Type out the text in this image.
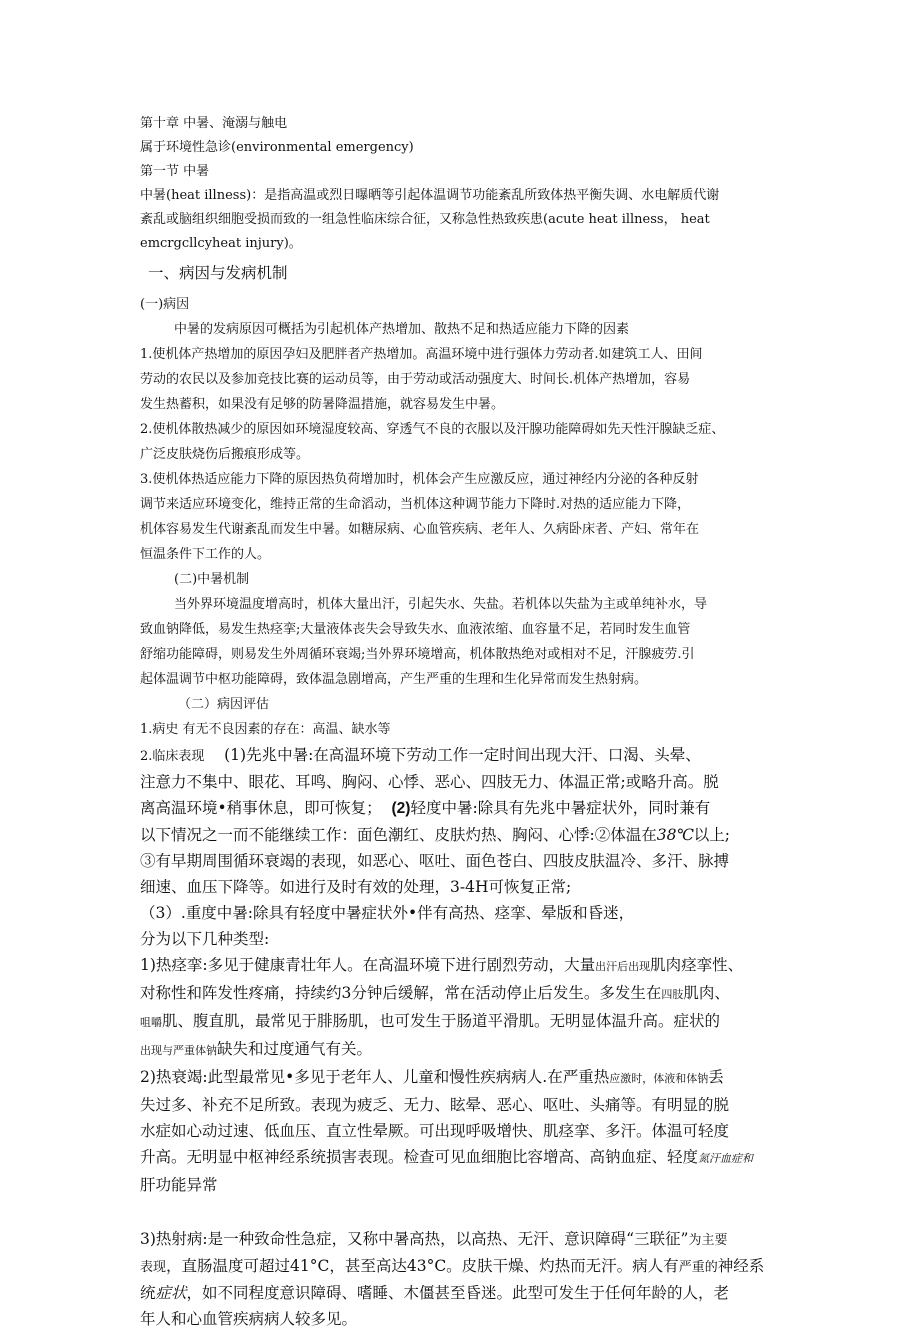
第十章 中暑、淹溺与触电

属于环境性急诊(environmental emergency)

第一节 中暑

中暑(heat illness)：是指高温或烈日曝晒等引起体温调节功能紊乱所致体热平衡失调、水电解质代谢

紊乱或脑组织细胞受损而致的一组急性临床综合征，又称急性热致疾患(acute heat illness， heat

emcrgcllcyheat injury)。

一、病因与发病机制

(一)病因

中暑的发病原因可概括为引起机体产热增加、散热不足和热适应能力下降的因素

1.使机体产热增加的原因孕妇及肥胖者产热增加。高温环境中进行强体力劳动者.如建筑工人、田间

劳动的农民以及参加竞技比赛的运动员等，由于劳动或活动强度大、时间长.机体产热增加，容易

发生热蓄积，如果没有足够的防暑降温措施，就容易发生中暑。

2.使机体散热减少的原因如环境湿度较高、穿透气不良的衣服以及汗腺功能障碍如先天性汗腺缺乏症、

广泛皮肤烧伤后搬痕形成等。

3.使机体热适应能力下降的原因热负荷增加时，机体会产生应激反应，通过神经内分泌的各种反射

调节来适应环境变化，维持正常的生命滔动，当机体这种调节能力下降时.对热的适应能力下降，

机体容易发生代谢紊乱而发生中暑。如糖尿病、心血管疾病、老年人、久病卧床者、产妇、常年在

恒温条件下工作的人。

(二)中暑机制

当外界环境温度增高时，机体大量出汗，引起失水、失盐。若机体以失盐为主或单纯补水，导

致血钠降低，易发生热痉挛;大量液体丧失会导致失水、血液浓缩、血容量不足，若同时发生血管

舒缩功能障碍，则易发生外周循环衰竭;当外界环境增高，机体散热绝对或相对不足，汗腺疲劳.引

起体温调节中枢功能障碍，致体温急剧增高，产生严重的生理和生化异常而发生热射病。

（二）病因评估

1.病史 有无不良因素的存在：高温、缺水等

2.临床表现 (1)先兆中暑:在高温环境下劳动工作一定时间出现大汗、口渴、头晕、

注意力不集中、眼花、耳鸣、胸闷、心悸、恶心、四肢无力、体温正常;或略升高。脱

离高温环境•稍事休息，即可恢复； (2)轻度中暑:除具有先兆中暑症状外，同时兼有

以下情况之一而不能继续工作：面色潮红、皮肤灼热、胸闷、心悸:②体温在38℃以上;

③有早期周围循环衰竭的表现，如恶心、呕吐、面色苍白、四肢皮肤温冷、多汗、脉搏

细速、血压下降等。如进行及时有效的处理，3-4H可恢复正常;

（3）.重度中暑:除具有轻度中暑症状外•伴有高热、痉挛、晕版和昏迷，

分为以下几种类型:

1)热痉挛:多见于健康青壮年人。在高温环境下进行剧烈劳动，大量出汗后出现肌肉痉挛性、

对称性和阵发性疼痛，持续约3分钟后缓解，常在活动停止后发生。多发生在四肢肌肉、

咀嚼肌、腹直肌，最常见于腓肠肌，也可发生于肠道平滑肌。无明显体温升高。症状的

出现与严重体钠缺失和过度通气有关。

2)热衰竭:此型最常见•多见于老年人、儿童和慢性疾病病人.在严重热应激时，体液和体钠丢

失过多、补充不足所致。表现为疲乏、无力、眩晕、恶心、呕吐、头痛等。有明显的脱

水症如心动过速、低血压、直立性晕厥。可出现呼吸增快、肌痉挛、多汗。体温可轻度

升高。无明显中枢神经系统损害表现。检查可见血细胞比容增高、高钠血症、轻度氮汗血症和

肝功能异常

3)热射病:是一种致命性急症，又称中暑高热，以高热、无汗、意识障碍“三联征”为主要

表现，直肠温度可超过41°C，甚至高达43°C。皮肤干燥、灼热而无汗。病人有严重的神经系

统症状，如不同程度意识障碍、嗜睡、木僵甚至昏迷。此型可发生于任何年龄的人，老

年人和心血管疾病病人较多见。
